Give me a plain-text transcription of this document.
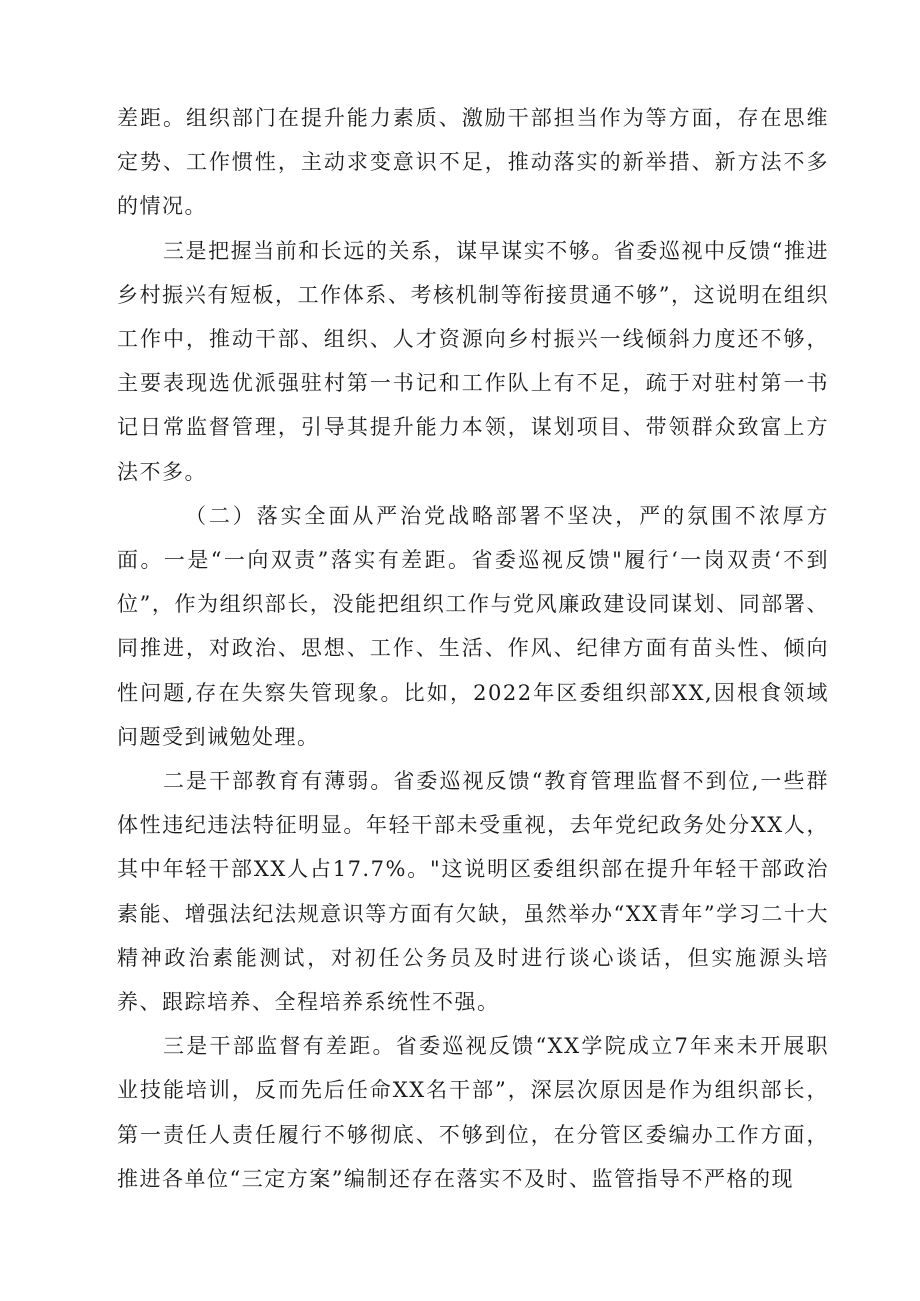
差距。组织部门在提升能力素质、激励干部担当作为等方面，存在思维定势、工作惯性，主动求变意识不足，推动落实的新举措、新方法不多的情况。

三是把握当前和长远的关系，谋早谋实不够。省委巡视中反馈“推进乡村振兴有短板，工作体系、考核机制等衔接贯通不够”，这说明在组织工作中，推动干部、组织、人才资源向乡村振兴一线倾斜力度还不够，主要表现选优派强驻村第一书记和工作队上有不足，疏于对驻村第一书记日常监督管理，引导其提升能力本领，谋划项目、带领群众致富上方法不多。

（二）落实全面从严治党战略部署不坚决，严的氛围不浓厚方面。一是“一向双责”落实有差距。省委巡视反馈"履行‘一岗双责‘不到位”，作为组织部长，没能把组织工作与党风廉政建设同谋划、同部署、同推进，对政治、思想、工作、生活、作风、纪律方面有苗头性、倾向性问题,存在失察失管现象。比如，2022年区委组织部XX,因根食领域问题受到诫勉处理。

二是干部教育有薄弱。省委巡视反馈“教育管理监督不到位,一些群体性违纪违法特征明显。年轻干部未受重视，去年党纪政务处分XX人，其中年轻干部XX人占17.7%。"这说明区委组织部在提升年轻干部政治素能、增强法纪法规意识等方面有欠缺，虽然举办“XX青年”学习二十大精神政治素能测试，对初任公务员及时进行谈心谈话，但实施源头培养、跟踪培养、全程培养系统性不强。

三是干部监督有差距。省委巡视反馈“XX学院成立7年来未开展职业技能培训，反而先后任命XX名干部”，深层次原因是作为组织部长，第一责任人责任履行不够彻底、不够到位，在分管区委编办工作方面，推进各单位“三定方案”编制还存在落实不及时、监管指导不严格的现
